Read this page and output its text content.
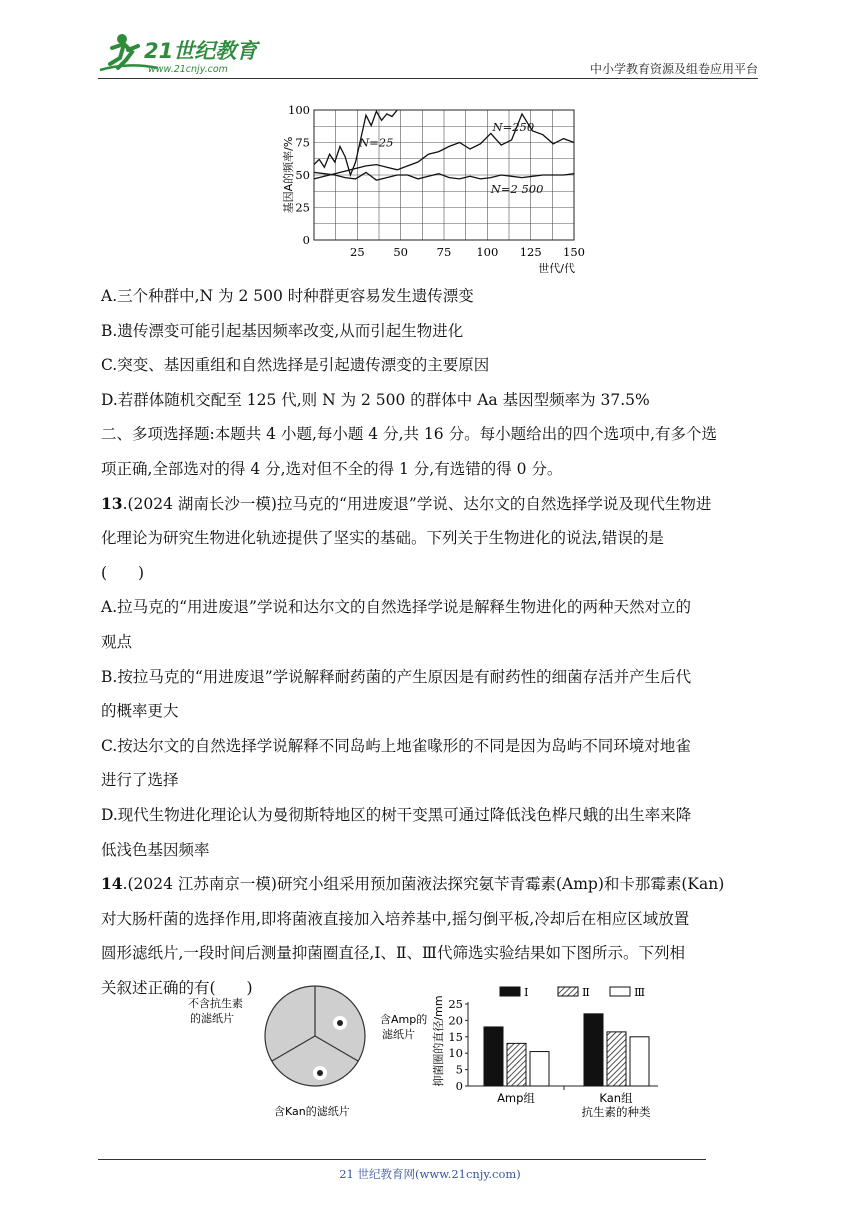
21世纪教育
www.21cnjy.com	中小学教育资源及组卷应用平台
0
25
50
75
100
25 50 75 100 125 150
世代/代
基因A的频率/%	N=25
N=250
N=2 500
A.三个种群中,N 为 2 500 时种群更容易发生遗传漂变
B.遗传漂变可能引起基因频率改变,从而引起生物进化
C.突变、基因重组和自然选择是引起遗传漂变的主要原因
D.若群体随机交配至 125 代,则 N 为 2 500 的群体中 Aa 基因型频率为 37.5%
二、多项选择题:本题共 4 小题,每小题 4 分,共 16 分。每小题给出的四个选项中,有多个选
项正确,全部选对的得 4 分,选对但不全的得 1 分,有选错的得 0 分。
13.(2024 湖南长沙一模)拉马克的“用进废退”学说、达尔文的自然选择学说及现代生物进
化理论为研究生物进化轨迹提供了坚实的基础。下列关于生物进化的说法,错误的是
(　　)
A.拉马克的“用进废退”学说和达尔文的自然选择学说是解释生物进化的两种天然对立的
观点
B.按拉马克的“用进废退”学说解释耐药菌的产生原因是有耐药性的细菌存活并产生后代
的概率更大
C.按达尔文的自然选择学说解释不同岛屿上地雀喙形的不同是因为岛屿不同环境对地雀
进行了选择
D.现代生物进化理论认为曼彻斯特地区的树干变黑可通过降低浅色桦尺蛾的出生率来降
低浅色基因频率
14.(2024 江苏南京一模)研究小组采用预加菌液法探究氨苄青霉素(Amp)和卡那霉素(Kan)
对大肠杆菌的选择作用,即将菌液直接加入培养基中,摇匀倒平板,冷却后在相应区域放置
圆形滤纸片,一段时间后测量抑菌圈直径,Ⅰ、Ⅱ、Ⅲ代筛选实验结果如下图所示。下列相
关叙述正确的有(　　)
不含抗生素
的滤纸片	含Amp的
滤纸片
含Kan的滤纸片
0
5
10
15
20
25
抑菌圈的直径/mm
Amp组	Kan组
抗生素的种类
Ⅰ	Ⅱ	Ⅲ
21 世纪教育网(www.21cnjy.com)
